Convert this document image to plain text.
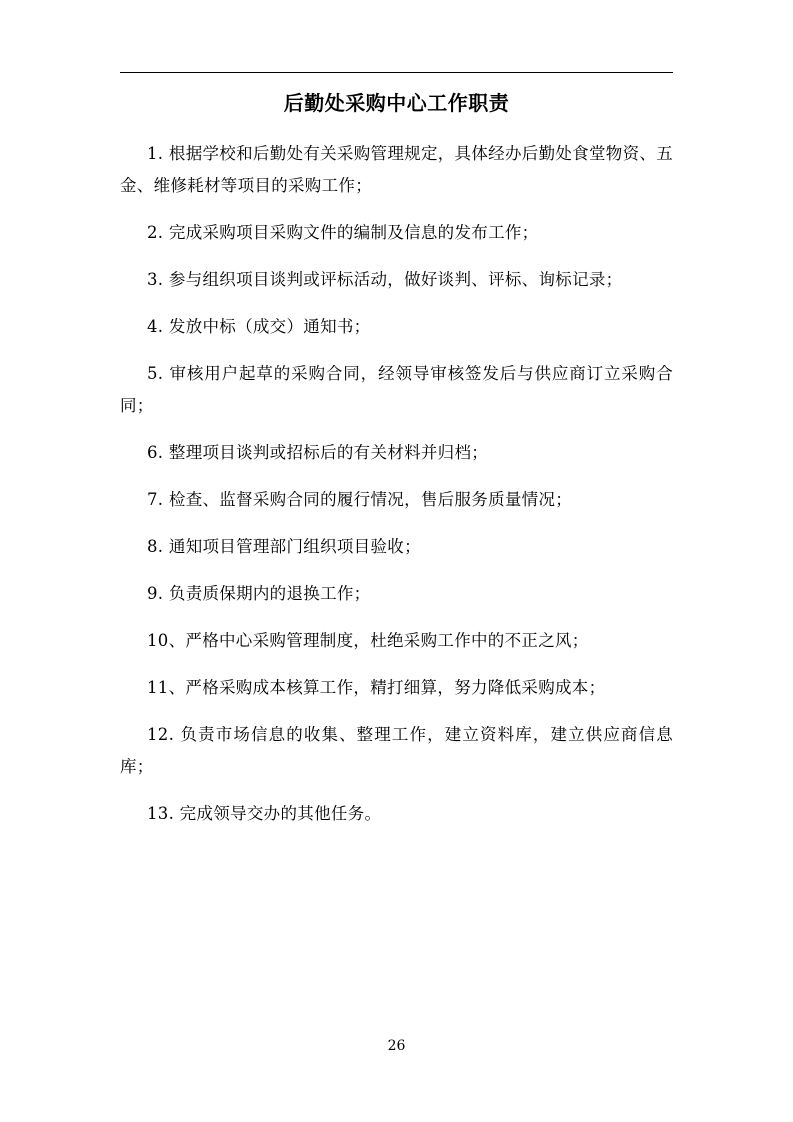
后勤处采购中心工作职责

1. 根据学校和后勤处有关采购管理规定，具体经办后勤处食堂物资、五金、维修耗材等项目的采购工作；

2. 完成采购项目采购文件的编制及信息的发布工作；

3. 参与组织项目谈判或评标活动，做好谈判、评标、询标记录；

4. 发放中标（成交）通知书；

5. 审核用户起草的采购合同，经领导审核签发后与供应商订立采购合同；

6. 整理项目谈判或招标后的有关材料并归档；

7. 检查、监督采购合同的履行情况，售后服务质量情况；

8. 通知项目管理部门组织项目验收；

9. 负责质保期内的退换工作；

10、严格中心采购管理制度，杜绝采购工作中的不正之风；

11、严格采购成本核算工作，精打细算，努力降低采购成本；

12. 负责市场信息的收集、整理工作，建立资料库，建立供应商信息库；

13. 完成领导交办的其他任务。

26
